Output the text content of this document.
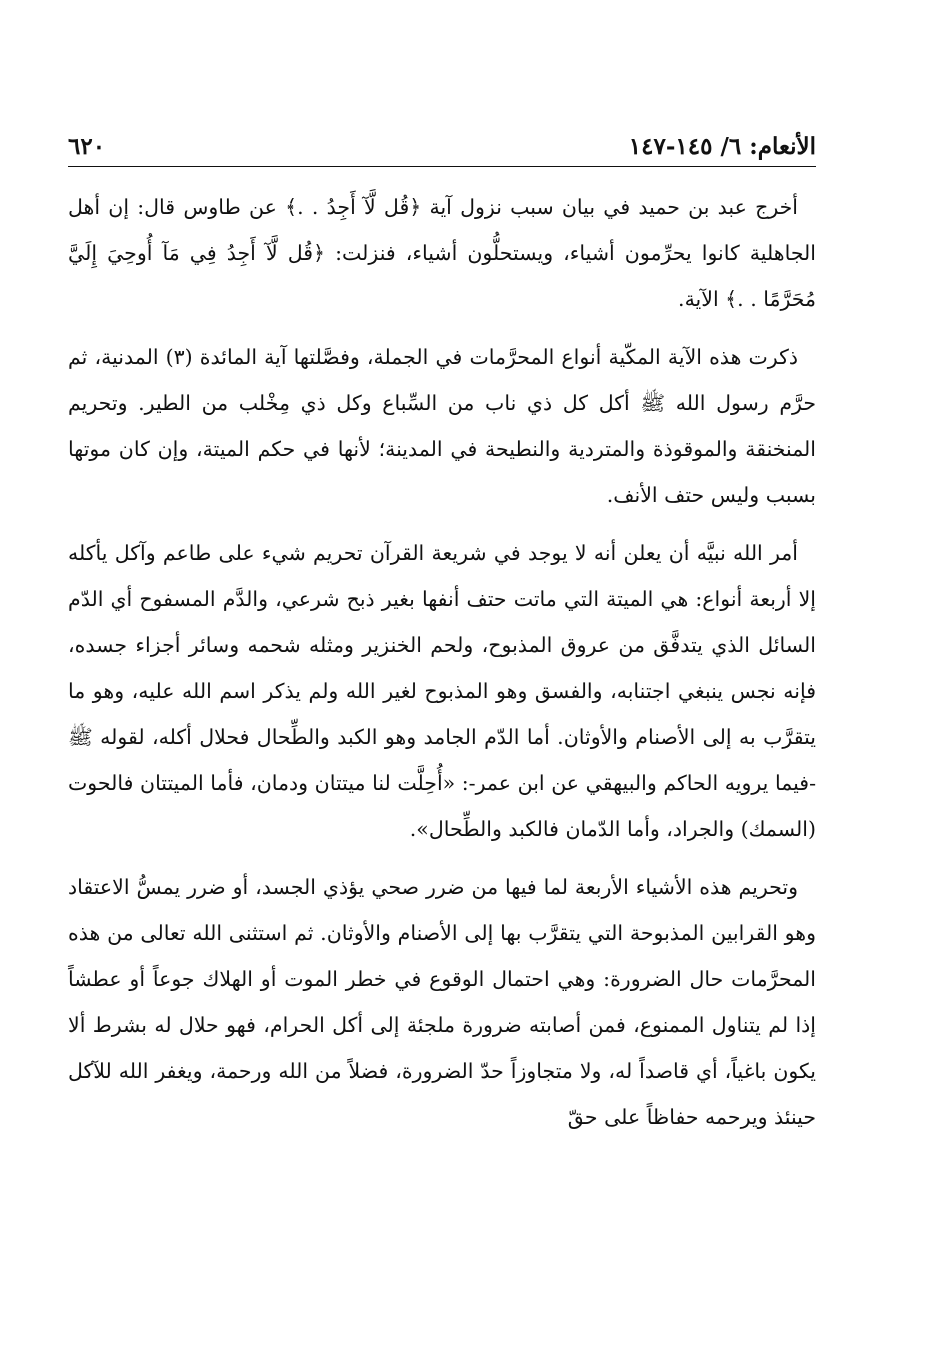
الأنعام: ٦/ ١٤٥-١٤٧
٦٢٠

أخرج عبد بن حميد في بيان سبب نزول آية ﴿قُل لَّآ أَجِدُ . .﴾ عن طاوس قال: إن أهل الجاهلية كانوا يحرِّمون أشياء، ويستحلُّون أشياء، فنزلت: ﴿قُل لَّآ أَجِدُ فِي مَآ أُوحِيَ إِلَيَّ مُحَرَّمًا . .﴾ الآية.

ذكرت هذه الآية المكّية أنواع المحرَّمات في الجملة، وفصَّلتها آية المائدة (٣) المدنية، ثم حرَّم رسول الله ﷺ أكل كل ذي ناب من السِّباع وكل ذي مِخْلب من الطير. وتحريم المنخنقة والموقوذة والمتردية والنطيحة في المدينة؛ لأنها في حكم الميتة، وإن كان موتها بسبب وليس حتف الأنف.

أمر الله نبيَّه أن يعلن أنه لا يوجد في شريعة القرآن تحريم شيء على طاعم وآكل يأكله إلا أربعة أنواع: هي الميتة التي ماتت حتف أنفها بغير ذبح شرعي، والدَّم المسفوح أي الدّم السائل الذي يتدفَّق من عروق المذبوح، ولحم الخنزير ومثله شحمه وسائر أجزاء جسده، فإنه نجس ينبغي اجتنابه، والفسق وهو المذبوح لغير الله ولم يذكر اسم الله عليه، وهو ما يتقرَّب به إلى الأصنام والأوثان. أما الدّم الجامد وهو الكبد والطِّحال فحلال أكله، لقوله ﷺ -فيما يرويه الحاكم والبيهقي عن ابن عمر-: «أُحِلَّت لنا ميتتان ودمان، فأما الميتتان فالحوت (السمك) والجراد، وأما الدّمان فالكبد والطِّحال».

وتحريم هذه الأشياء الأربعة لما فيها من ضرر صحي يؤذي الجسد، أو ضرر يمسُّ الاعتقاد وهو القرابين المذبوحة التي يتقرَّب بها إلى الأصنام والأوثان. ثم استثنى الله تعالى من هذه المحرَّمات حال الضرورة: وهي احتمال الوقوع في خطر الموت أو الهلاك جوعاً أو عطشاً إذا لم يتناول الممنوع، فمن أصابته ضرورة ملجئة إلى أكل الحرام، فهو حلال له بشرط ألا يكون باغياً، أي قاصداً له، ولا متجاوزاً حدّ الضرورة، فضلاً من الله ورحمة، ويغفر الله للآكل حينئذ ويرحمه حفاظاً على حقّ
